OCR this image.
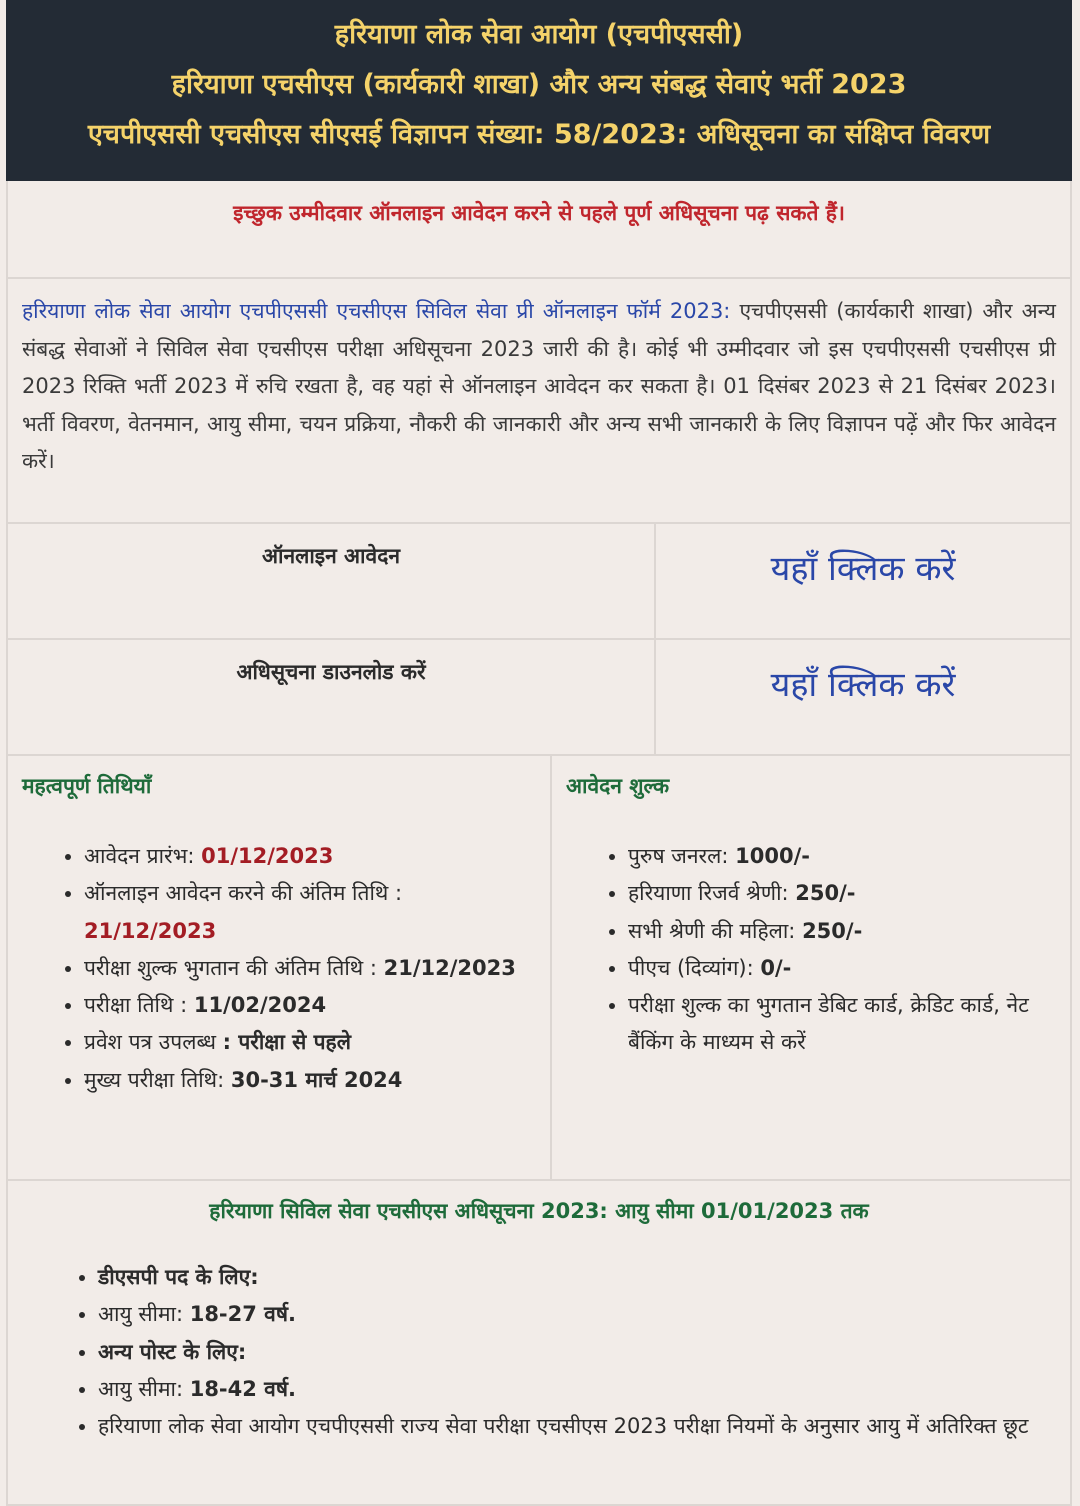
हरियाणा लोक सेवा आयोग (एचपीएससी)
हरियाणा एचसीएस (कार्यकारी शाखा) और अन्य संबद्ध सेवाएं भर्ती 2023
एचपीएससी एचसीएस सीएसई विज्ञापन संख्या: 58/2023: अधिसूचना का संक्षिप्त विवरण
इच्छुक उम्मीदवार ऑनलाइन आवेदन करने से पहले पूर्ण अधिसूचना पढ़ सकते हैं।
हरियाणा लोक सेवा आयोग एचपीएससी एचसीएस सिविल सेवा प्री ऑनलाइन फॉर्म 2023: एचपीएससी (कार्यकारी शाखा) और अन्य संबद्ध सेवाओं ने सिविल सेवा एचसीएस परीक्षा अधिसूचना 2023 जारी की है। कोई भी उम्मीदवार जो इस एचपीएससी एचसीएस प्री 2023 रिक्ति भर्ती 2023 में रुचि रखता है, वह यहां से ऑनलाइन आवेदन कर सकता है। 01 दिसंबर 2023 से 21 दिसंबर 2023। भर्ती विवरण, वेतनमान, आयु सीमा, चयन प्रक्रिया, नौकरी की जानकारी और अन्य सभी जानकारी के लिए विज्ञापन पढ़ें और फिर आवेदन करें।
ऑनलाइन आवेदन	यहाँ क्लिक करें
अधिसूचना डाउनलोड करें	यहाँ क्लिक करें
महत्वपूर्ण तिथियाँ
• आवेदन प्रारंभ: 01/12/2023
• ऑनलाइन आवेदन करने की अंतिम तिथि : 21/12/2023
• परीक्षा शुल्क भुगतान की अंतिम तिथि : 21/12/2023
• परीक्षा तिथि : 11/02/2024
• प्रवेश पत्र उपलब्ध : परीक्षा से पहले
• मुख्य परीक्षा तिथि: 30-31 मार्च 2024
आवेदन शुल्क
• पुरुष जनरल: 1000/-
• हरियाणा रिजर्व श्रेणी: 250/-
• सभी श्रेणी की महिला: 250/-
• पीएच (दिव्यांग): 0/-
• परीक्षा शुल्क का भुगतान डेबिट कार्ड, क्रेडिट कार्ड, नेट बैंकिंग के माध्यम से करें
हरियाणा सिविल सेवा एचसीएस अधिसूचना 2023: आयु सीमा 01/01/2023 तक
• डीएसपी पद के लिए:
• आयु सीमा: 18-27 वर्ष.
• अन्य पोस्ट के लिए:
• आयु सीमा: 18-42 वर्ष.
• हरियाणा लोक सेवा आयोग एचपीएससी राज्य सेवा परीक्षा एचसीएस 2023 परीक्षा नियमों के अनुसार आयु में अतिरिक्त छूट
